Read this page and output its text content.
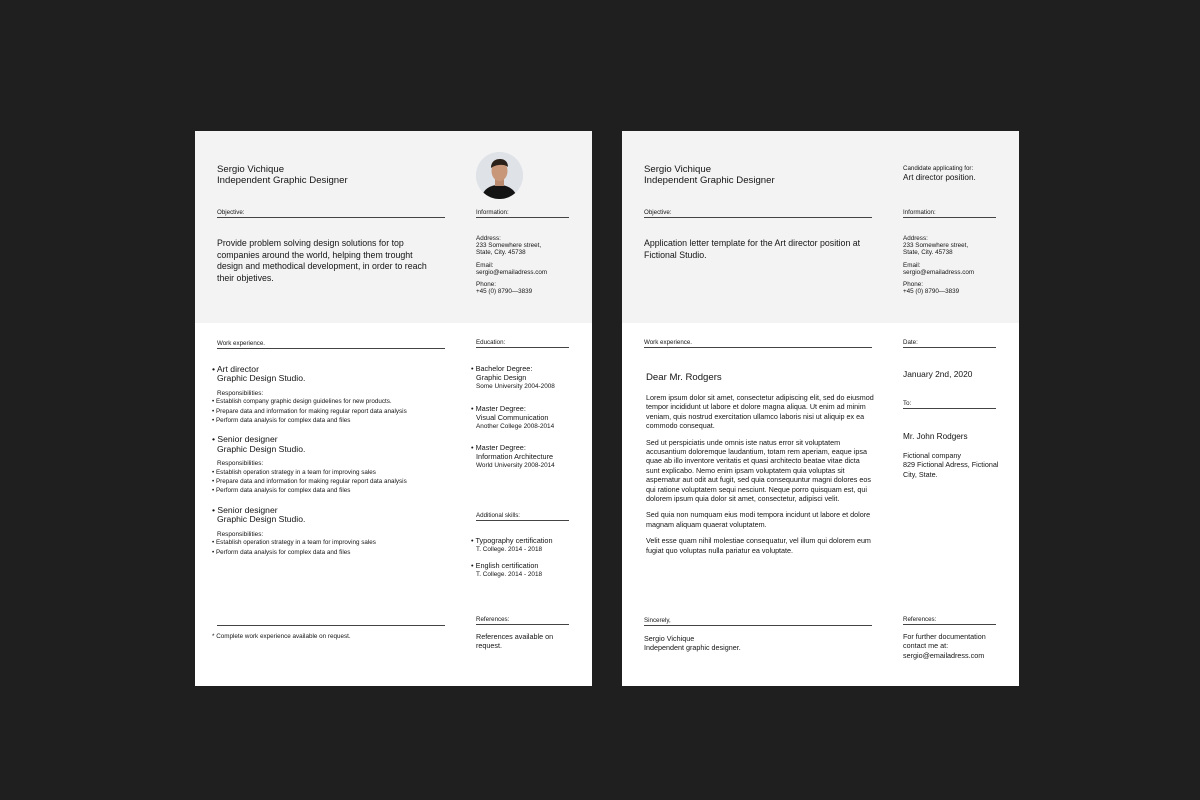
Sergio Vichique
Independent Graphic Designer
Objective:	Information:

Provide problem solving design solutions for top companies around the world, helping them trought design and methodical development, in order to reach their objetives.

Address:
233 Somewhere street,
State, City. 45738
Email:
sergio@emailadress.com
Phone:
+45 (0) 8790—3839
Work experience.	Education:
• Art director
Graphic Design Studio.
Responsibilities:
• Establish company graphic design guidelines for new products.
• Prepare data and information for making regular report data analysis
• Perform data analysis for complex data and files
• Senior designer
Graphic Design Studio.
Responsibilities:
• Establish operation strategy in a team for improving sales
• Prepare data and information for making regular report data analysis
• Perform data analysis for complex data and files
• Senior designer
Graphic Design Studio.
Responsibilities:
• Establish operation strategy in a team for improving sales
• Perform data analysis for complex data and files
* Complete work experience available on request.
• Bachelor Degree:
Graphic Design
Some University 2004-2008
• Master Degree:
Visual Communication
Another College 2008-2014
• Master Degree:
Information Architecture
World University 2008-2014
Additional skills:
• Typography certification
T. College. 2014 - 2018
• English certification
T. College. 2014 - 2018
References:
References available on
request.
Sergio Vichique
Independent Graphic Designer
Candidate applicating for:
Art director position.
Objective:	Information:

Application letter template for the Art director position at Fictional Studio.

Address:
233 Somewhere street,
State, City. 45738
Email:
sergio@emailadress.com
Phone:
+45 (0) 8790—3839
Work experience.	Date:
Dear Mr. Rodgers

Lorem ipsum dolor sit amet, consectetur adipiscing elit, sed do eiusmod tempor incididunt ut labore et dolore magna aliqua. Ut enim ad minim veniam, quis nostrud exercitation ullamco laboris nisi ut aliquip ex ea commodo consequat.

Sed ut perspiciatis unde omnis iste natus error sit voluptatem accusantium doloremque laudantium, totam rem aperiam, eaque ipsa quae ab illo inventore veritatis et quasi architecto beatae vitae dicta sunt explicabo. Nemo enim ipsam voluptatem quia voluptas sit aspernatur aut odit aut fugit, sed quia consequuntur magni dolores eos qui ratione voluptatem sequi nesciunt. Neque porro quisquam est, qui dolorem ipsum quia dolor sit amet, consectetur, adipisci velit.

Sed quia non numquam eius modi tempora incidunt ut labore et dolore magnam aliquam quaerat voluptatem.

Velit esse quam nihil molestiae consequatur, vel illum qui dolorem eum fugiat quo voluptas nulla pariatur ea voluptate.

January 2nd, 2020
To:
Mr. John Rodgers
Fictional company
829 Fictional Adress, Fictional
City, State.
Sincerely,
Sergio Vichique
Independent graphic designer.
References:
For further documentation
contact me at:
sergio@emailadress.com
